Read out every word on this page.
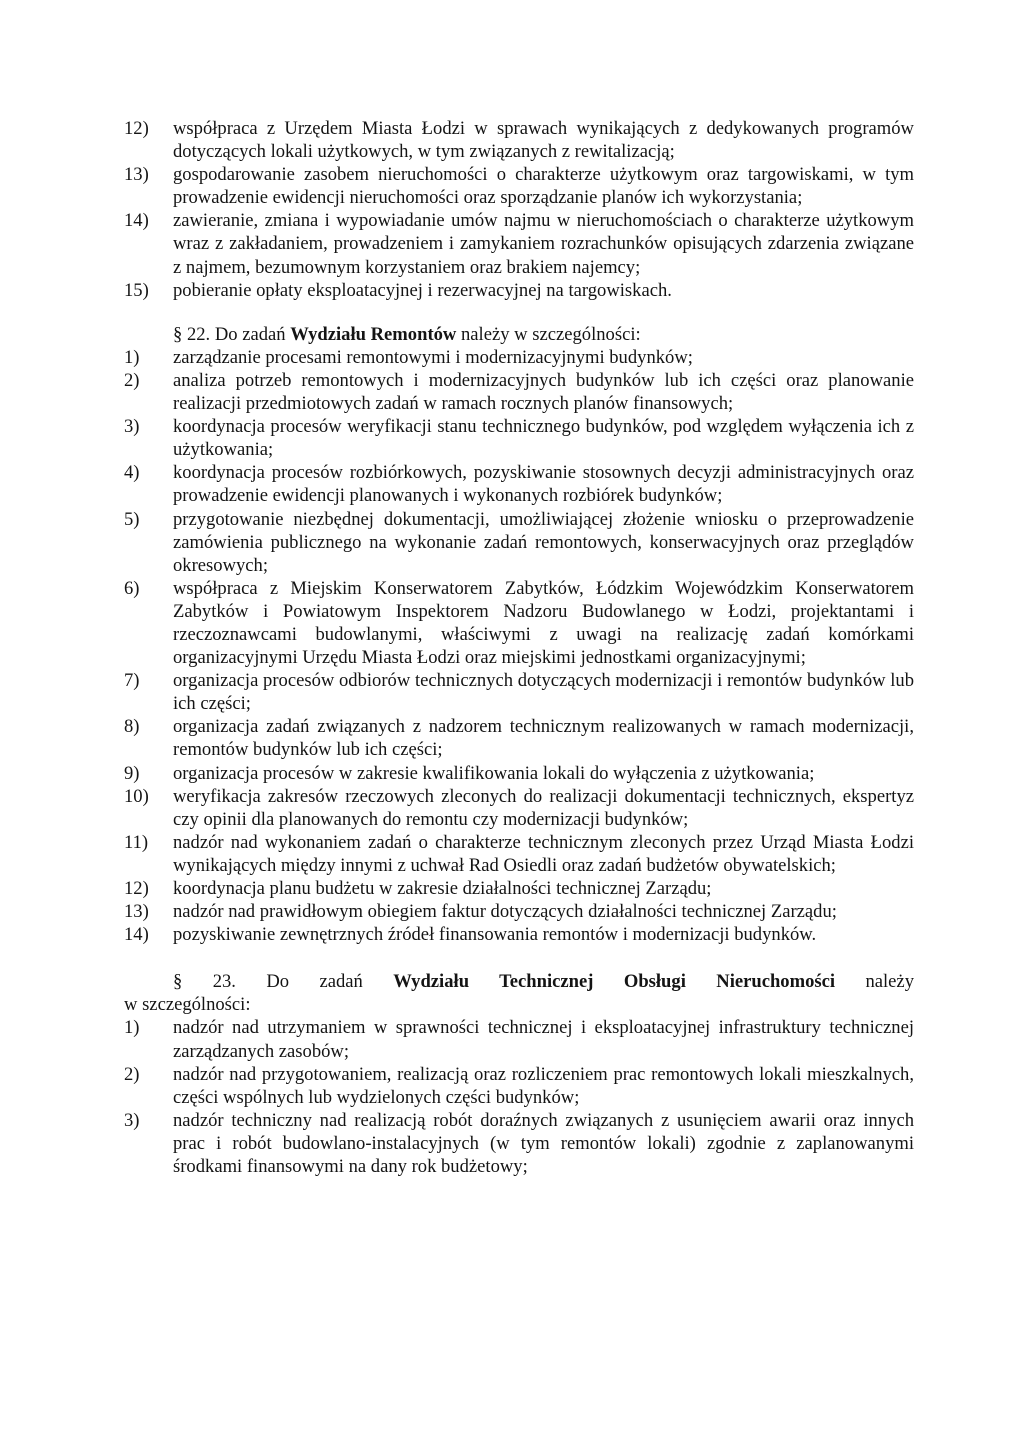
12) współpraca z Urzędem Miasta Łodzi w sprawach wynikających z dedykowanych programów dotyczących lokali użytkowych, w tym związanych z rewitalizacją;
13) gospodarowanie zasobem nieruchomości o charakterze użytkowym oraz targowiskami, w tym prowadzenie ewidencji nieruchomości oraz sporządzanie planów ich wykorzystania;
14) zawieranie, zmiana i wypowiadanie umów najmu w nieruchomościach o charakterze użytkowym wraz z zakładaniem, prowadzeniem i zamykaniem rozrachunków opisujących zdarzenia związane z najmem, bezumownym korzystaniem oraz brakiem najemcy;
15) pobieranie opłaty eksploatacyjnej i rezerwacyjnej na targowiskach.
§ 22. Do zadań Wydziału Remontów należy w szczególności:
1) zarządzanie procesami remontowymi i modernizacyjnymi budynków;
2) analiza potrzeb remontowych i modernizacyjnych budynków lub ich części oraz planowanie realizacji przedmiotowych zadań w ramach rocznych planów finansowych;
3) koordynacja procesów weryfikacji stanu technicznego budynków, pod względem wyłączenia ich z użytkowania;
4) koordynacja procesów rozbiórkowych, pozyskiwanie stosownych decyzji administracyjnych oraz prowadzenie ewidencji planowanych i wykonanych rozbiórek budynków;
5) przygotowanie niezbędnej dokumentacji, umożliwiającej złożenie wniosku o przeprowadzenie zamówienia publicznego na wykonanie zadań remontowych, konserwacyjnych oraz przeglądów okresowych;
6) współpraca z Miejskim Konserwatorem Zabytków, Łódzkim Wojewódzkim Konserwatorem Zabytków i Powiatowym Inspektorem Nadzoru Budowlanego w Łodzi, projektantami i rzeczoznawcami budowlanymi, właściwymi z uwagi na realizację zadań komórkami organizacyjnymi Urzędu Miasta Łodzi oraz miejskimi jednostkami organizacyjnymi;
7) organizacja procesów odbiorów technicznych dotyczących modernizacji i remontów budynków lub ich części;
8) organizacja zadań związanych z nadzorem technicznym realizowanych w ramach modernizacji, remontów budynków lub ich części;
9) organizacja procesów w zakresie kwalifikowania lokali do wyłączenia z użytkowania;
10) weryfikacja zakresów rzeczowych zleconych do realizacji dokumentacji technicznych, ekspertyz czy opinii dla planowanych do remontu czy modernizacji budynków;
11) nadzór nad wykonaniem zadań o charakterze technicznym zleconych przez Urząd Miasta Łodzi wynikających między innymi z uchwał Rad Osiedli oraz zadań budżetów obywatelskich;
12) koordynacja planu budżetu w zakresie działalności technicznej Zarządu;
13) nadzór nad prawidłowym obiegiem faktur dotyczących działalności technicznej Zarządu;
14) pozyskiwanie zewnętrznych źródeł finansowania remontów i modernizacji budynków.
§ 23. Do zadań Wydziału Technicznej Obsługi Nieruchomości należy
w szczególności:
1) nadzór nad utrzymaniem w sprawności technicznej i eksploatacyjnej infrastruktury technicznej zarządzanych zasobów;
2) nadzór nad przygotowaniem, realizacją oraz rozliczeniem prac remontowych lokali mieszkalnych, części wspólnych lub wydzielonych części budynków;
3) nadzór techniczny nad realizacją robót doraźnych związanych z usunięciem awarii oraz innych prac i robót budowlano-instalacyjnych (w tym remontów lokali) zgodnie z zaplanowanymi środkami finansowymi na dany rok budżetowy;
